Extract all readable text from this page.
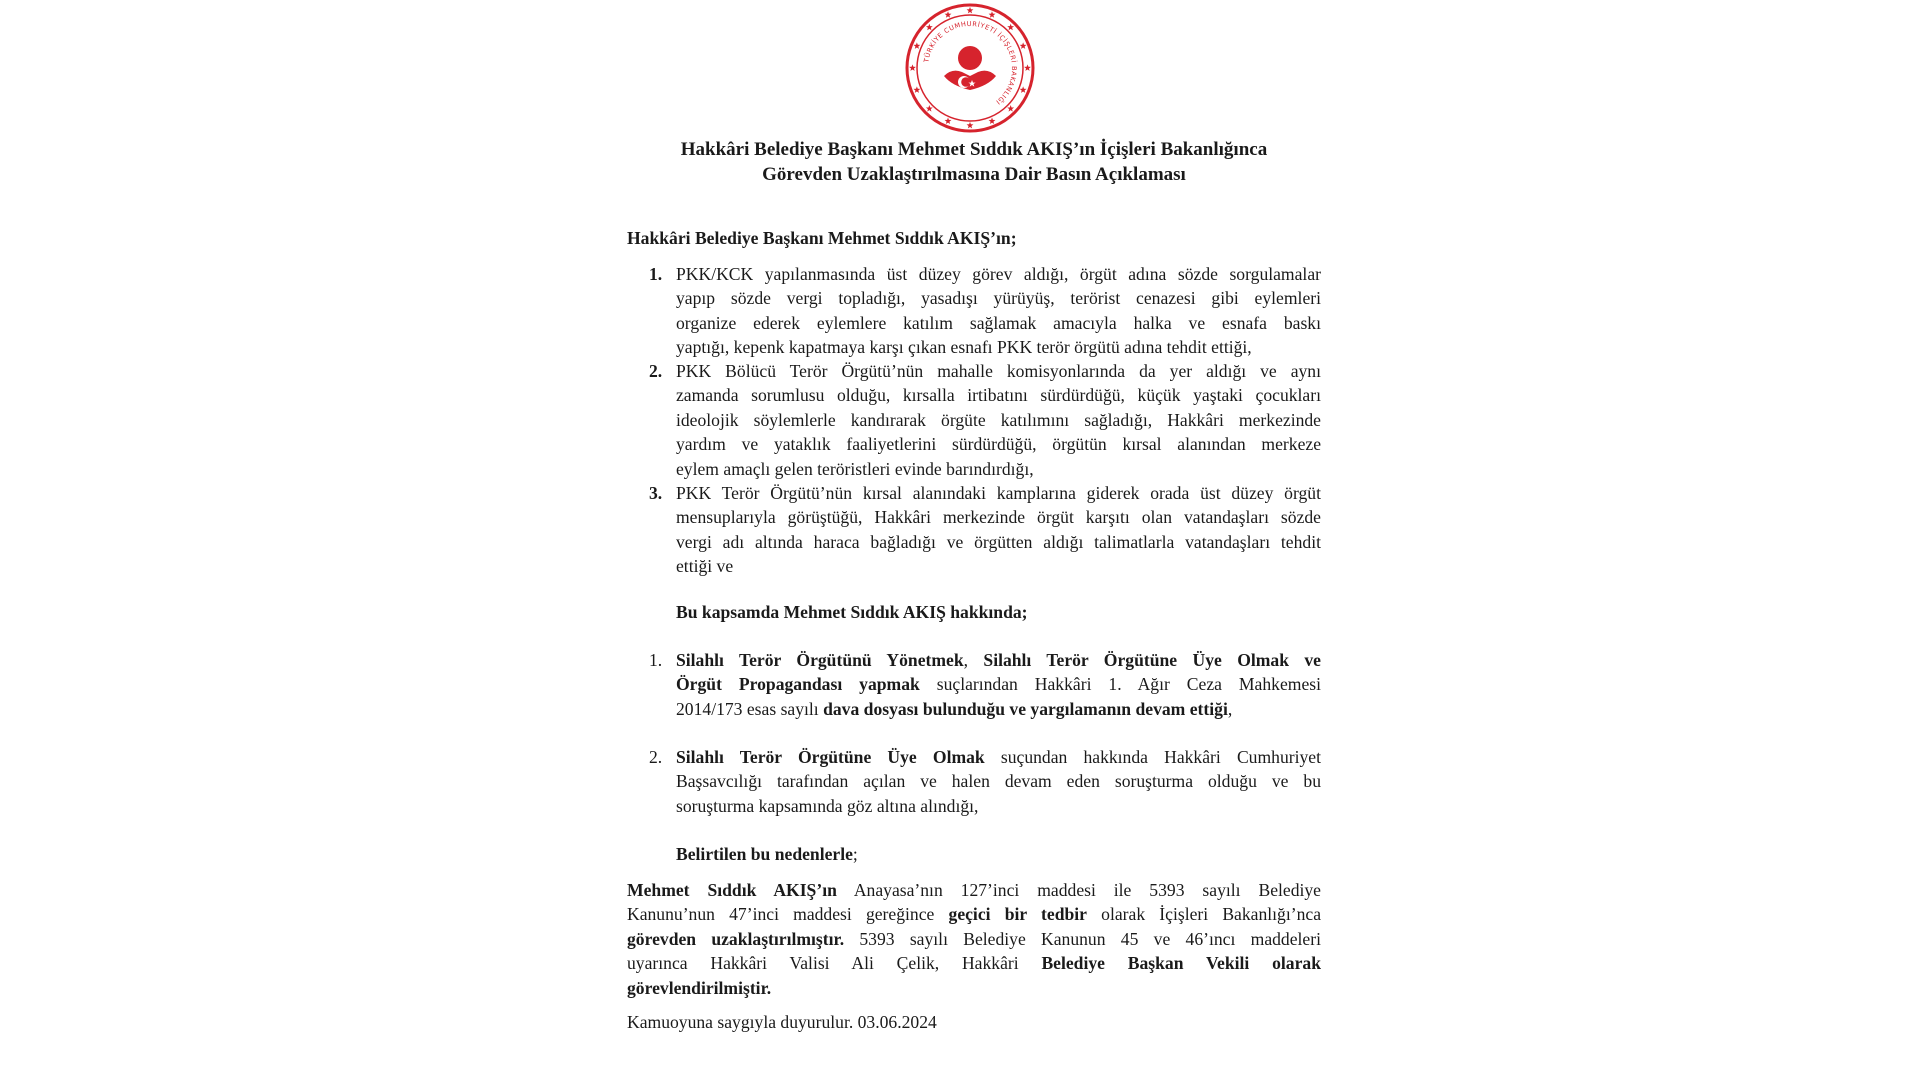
TÜRKİYE CUMHURİYETİ İÇİŞLERİ BAKANLIĞI
Hakkâri Belediye Başkanı Mehmet Sıddık AKIŞ’ın İçişleri Bakanlığınca
Görevden Uzaklaştırılmasına Dair Basın Açıklaması
Hakkâri Belediye Başkanı Mehmet Sıddık AKIŞ’ın;
1. PKK/KCK yapılanmasında üst düzey görev aldığı, örgüt adına sözde sorgulamalar
yapıp sözde vergi topladığı, yasadışı yürüyüş, terörist cenazesi gibi eylemleri
organize ederek eylemlere katılım sağlamak amacıyla halka ve esnafa baskı
yaptığı, kepenk kapatmaya karşı çıkan esnafı PKK terör örgütü adına tehdit ettiği,
2. PKK Bölücü Terör Örgütü’nün mahalle komisyonlarında da yer aldığı ve aynı
zamanda sorumlusu olduğu, kırsalla irtibatını sürdürdüğü, küçük yaştaki çocukları
ideolojik söylemlerle kandırarak örgüte katılımını sağladığı, Hakkâri merkezinde
yardım ve yataklık faaliyetlerini sürdürdüğü, örgütün kırsal alanından merkeze
eylem amaçlı gelen teröristleri evinde barındırdığı,
3. PKK Terör Örgütü’nün kırsal alanındaki kamplarına giderek orada üst düzey örgüt
mensuplarıyla görüştüğü, Hakkâri merkezinde örgüt karşıtı olan vatandaşları sözde
vergi adı altında haraca bağladığı ve örgütten aldığı talimatlarla vatandaşları tehdit
ettiği ve
Bu kapsamda Mehmet Sıddık AKIŞ hakkında;
1. Silahlı Terör Örgütünü Yönetmek, Silahlı Terör Örgütüne Üye Olmak ve
Örgüt Propagandası yapmak suçlarından Hakkâri 1. Ağır Ceza Mahkemesi
2014/173 esas sayılı dava dosyası bulunduğu ve yargılamanın devam ettiği,
2. Silahlı Terör Örgütüne Üye Olmak suçundan hakkında Hakkâri Cumhuriyet
Başsavcılığı tarafından açılan ve halen devam eden soruşturma olduğu ve bu
soruşturma kapsamında göz altına alındığı,
Belirtilen bu nedenlerle;
Mehmet Sıddık AKIŞ’ın Anayasa’nın 127’inci maddesi ile 5393 sayılı Belediye
Kanunu’nun 47’inci maddesi gereğince geçici bir tedbir olarak İçişleri Bakanlığı’nca
görevden uzaklaştırılmıştır. 5393 sayılı Belediye Kanunun 45 ve 46’ıncı maddeleri
uyarınca Hakkâri Valisi Ali Çelik, Hakkâri Belediye Başkan Vekili olarak
görevlendirilmiştir.
Kamuoyuna saygıyla duyurulur. 03.06.2024
